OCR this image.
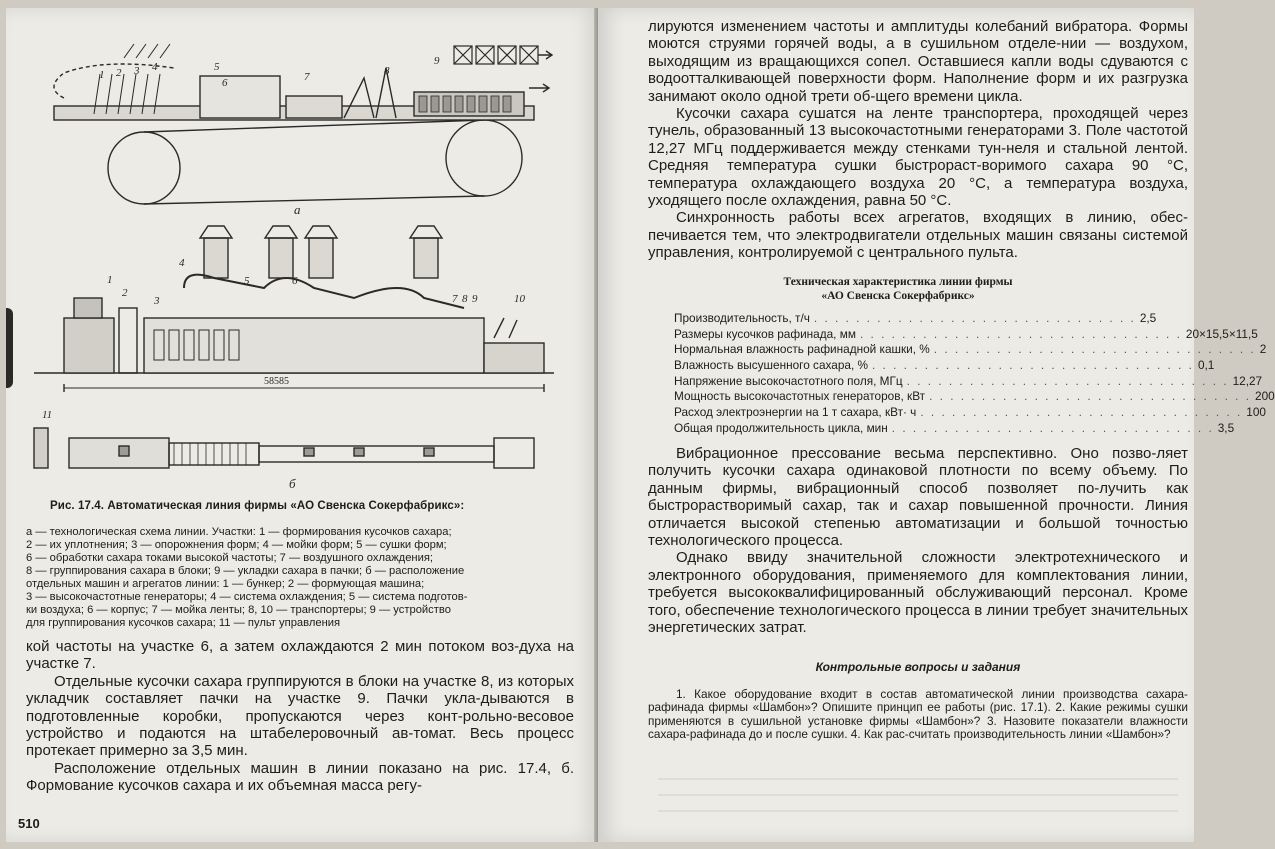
1 2 3 4	5
6	7	8
9
а
1
2
3
4
5	6
7 8 9	10
11
58585
б
Рис. 17.4. Автоматическая линия фирмы «АО Свенска Сокерфабрикс»:

а — технологическая схема линии. Участки: 1 — формирования кусочков сахара;

2 — их уплотнения; 3 — опорожнения форм; 4 — мойки форм; 5 — сушки форм;

6 — обработки сахара токами высокой частоты; 7 — воздушного охлаждения;

8 — группирования сахара в блоки; 9 — укладки сахара в пачки; б — расположение

отдельных машин и агрегатов линии: 1 — бункер; 2 — формующая машина;

3 — высокочастотные генераторы; 4 — система охлаждения; 5 — система подготов-

ки воздуха; 6 — корпус; 7 — мойка ленты; 8, 10 — транспортеры; 9 — устройство

для группирования кусочков сахара; 11 — пульт управления

кой частоты на участке 6, а затем охлаждаются 2 мин потоком воз-духа на участке 7.

Отдельные кусочки сахара группируются в блоки на участке 8, из которых укладчик составляет пачки на участке 9. Пачки укла-дываются в подготовленные коробки, пропускаются через конт-рольно-весовое устройство и подаются на штабелеровочный ав-томат. Весь процесс протекает примерно за 3,5 мин.

Расположение отдельных машин в линии показано на рис. 17.4, б. Формование кусочков сахара и их объемная масса регу-

510

лируются изменением частоты и амплитуды колебаний вибратора. Формы моются струями горячей воды, а в сушильном отделе-нии — воздухом, выходящим из вращающихся сопел. Оставшиеся капли воды сдуваются с водоотталкивающей поверхности форм. Наполнение форм и их разгрузка занимают около одной трети об-щего времени цикла.

Кусочки сахара сушатся на ленте транспортера, проходящей через тунель, образованный 13 высокочастотными генераторами 3. Поле частотой 12,27 МГц поддерживается между стенками тун-неля и стальной лентой. Средняя температура сушки быстрораст-воримого сахара 90 °С, температура охлаждающего воздуха 20 °С, а температура воздуха, уходящего после охлаждения, равна 50 °С.

Синхронность работы всех агрегатов, входящих в линию, обес-печивается тем, что электродвигатели отдельных машин связаны системой управления, контролируемой с центрального пульта.

Техническая характеристика линии фирмы
«АО Свенска Сокерфабрикс»
Производительность, т/ч . . . . . . . . . . . . . . . . . . . . . . . . . . . . . . . 2,5
Размеры кусочков рафинада, мм . . . . . . . . . . . . . . . . . . . . . . . . . . . . . . . 20×15,5×11,5
Нормальная влажность рафинадной кашки, % . . . . . . . . . . . . . . . . . . . . . . . . . . . . . . . 2
Влажность высушенного сахара, % . . . . . . . . . . . . . . . . . . . . . . . . . . . . . . . 0,1
Напряжение высокочастотного поля, МГц . . . . . . . . . . . . . . . . . . . . . . . . . . . . . . . 12,27
Мощность высокочастотных генераторов, кВт . . . . . . . . . . . . . . . . . . . . . . . . . . . . . . . 200
Расход электроэнергии на 1 т сахара, кВт· ч . . . . . . . . . . . . . . . . . . . . . . . . . . . . . . . 100
Общая продолжительность цикла, мин . . . . . . . . . . . . . . . . . . . . . . . . . . . . . . . 3,5

Вибрационное прессование весьма перспективно. Оно позво-ляет получить кусочки сахара одинаковой плотности по всему объему. По данным фирмы, вибрационный способ позволяет по-лучить как быстрорастворимый сахар, так и сахар повышенной прочности. Линия отличается высокой степенью автоматизации и большой точностью технологического процесса.

Однако ввиду значительной сложности электротехнического и электронного оборудования, применяемого для комплектования линии, требуется высококвалифицированный обслуживающий персонал. Кроме того, обеспечение технологического процесса в линии требует значительных энергетических затрат.

Контрольные вопросы и задания

1. Какое оборудование входит в состав автоматической линии производства сахара-рафинада фирмы «Шамбон»? Опишите принцип ее работы (рис. 17.1). 2. Какие режимы сушки применяются в сушильной установке фирмы «Шамбон»? 3. Назовите показатели влажности сахара-рафинада до и после сушки. 4. Как рас-считать производительность линии «Шамбон»?
